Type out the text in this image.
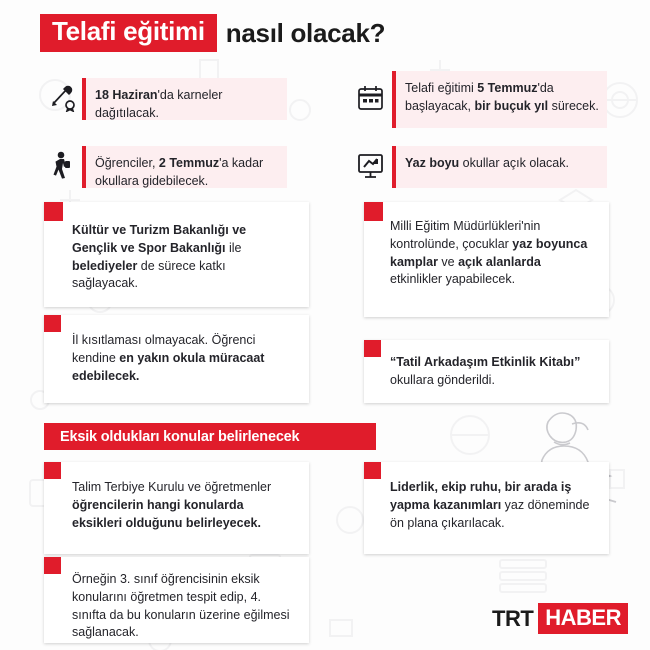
Telafi eğitimi nasıl olacak?
18 Haziran'da karneler dağıtılacak.
Telafi eğitimi 5 Temmuz'da başlayacak, bir buçuk yıl sürecek.
Öğrenciler, 2 Temmuz'a kadar okullara gidebilecek.
Yaz boyu okullar açık olacak.
Kültür ve Turizm Bakanlığı ve Gençlik ve Spor Bakanlığı ile belediyeler de sürece katkı sağlayacak.
Milli Eğitim Müdürlükleri'nin kontrolünde, çocuklar yaz boyunca kamplar ve açık alanlarda etkinlikler yapabilecek.
İl kısıtlaması olmayacak. Öğrenci kendine en yakın okula müracaat edebilecek.
“Tatil Arkadaşım Etkinlik Kitabı” okullara gönderildi.
Eksik oldukları konular belirlenecek
Talim Terbiye Kurulu ve öğretmenler öğrencilerin hangi konularda eksikleri olduğunu belirleyecek.
Liderlik, ekip ruhu, bir arada iş yapma kazanımları yaz döneminde ön plana çıkarılacak.
Örneğin 3. sınıf öğrencisinin eksik konularını öğretmen tespit edip, 4. sınıfta da bu konuların üzerine eğilmesi sağlanacak.
TRT HABER
